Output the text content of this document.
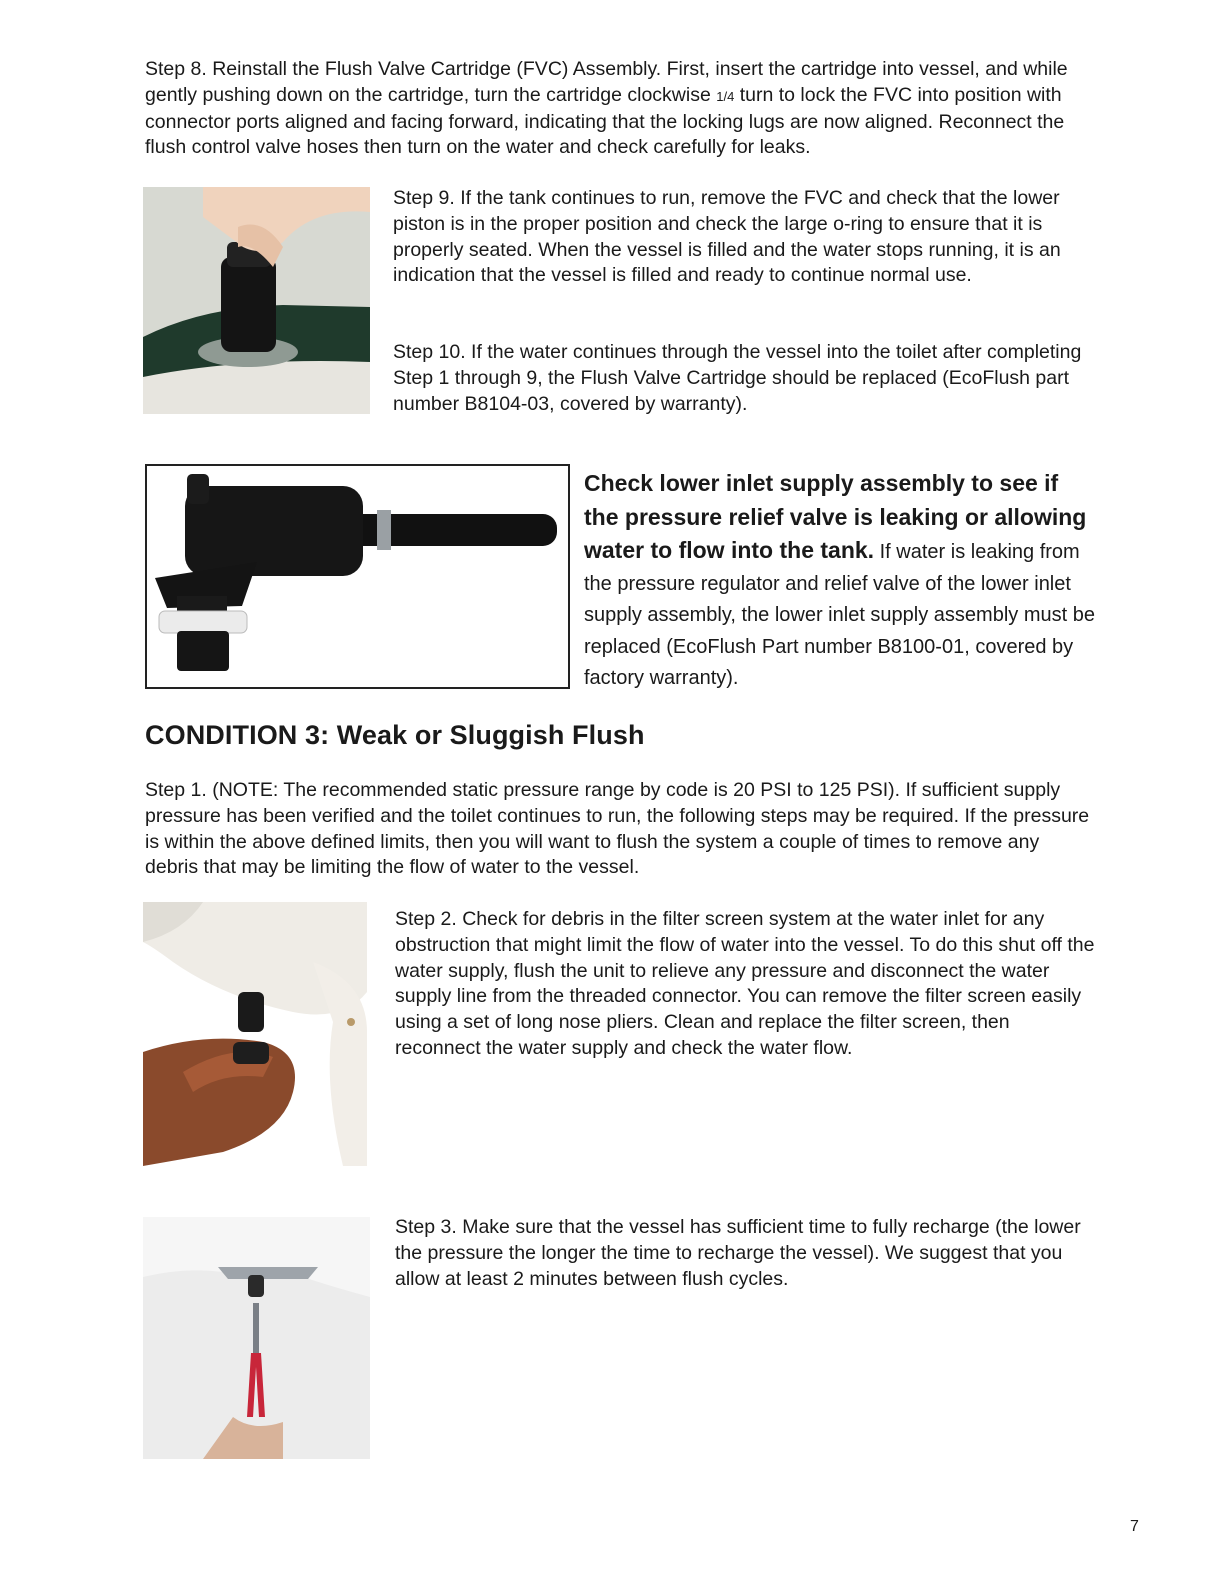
Step 8. Reinstall the Flush Valve Cartridge (FVC) Assembly. First, insert the cartridge into vessel, and while gently pushing down on the cartridge, turn the cartridge clockwise 1/4 turn to lock the FVC into position with connector ports aligned and facing forward, indicating that the locking lugs are now aligned. Reconnect the flush control valve hoses then turn on the water and check carefully for leaks.

Step 9. If the tank continues to run, remove the FVC and check that the lower piston is in the proper position and check the large o-ring to ensure that it is properly seated. When the vessel is filled and the water stops running, it is an indication that the vessel is filled and ready to continue normal use.

Step 10. If the water continues through the vessel into the toilet after completing Step 1 through 9, the Flush Valve Cartridge should be replaced (EcoFlush part number B8104-03, covered by warranty).

Check lower inlet supply assembly to see if the pressure relief valve is leaking or allowing water to flow into the tank. If water is leaking from the pressure regulator and relief valve of the lower inlet supply assembly, the lower inlet supply assembly must be replaced (EcoFlush Part number B8100-01, covered by factory warranty).

CONDITION 3: Weak or Sluggish Flush

Step 1. (NOTE: The recommended static pressure range by code is 20 PSI to 125 PSI). If sufficient supply pressure has been verified and the toilet continues to run, the following steps may be required. If the pressure is within the above defined limits, then you will want to flush the system a couple of times to remove any debris that may be limiting the flow of water to the vessel.

Step 2. Check for debris in the filter screen system at the water inlet for any obstruction that might limit the flow of water into the vessel. To do this shut off the water supply, flush the unit to relieve any pressure and disconnect the water supply line from the threaded connector. You can remove the filter screen easily using a set of long nose pliers. Clean and replace the filter screen, then reconnect the water supply and check the water flow.

Step 3. Make sure that the vessel has sufficient time to fully recharge (the lower the pressure the longer the time to recharge the vessel). We suggest that you allow at least 2 minutes between flush cycles.

7
